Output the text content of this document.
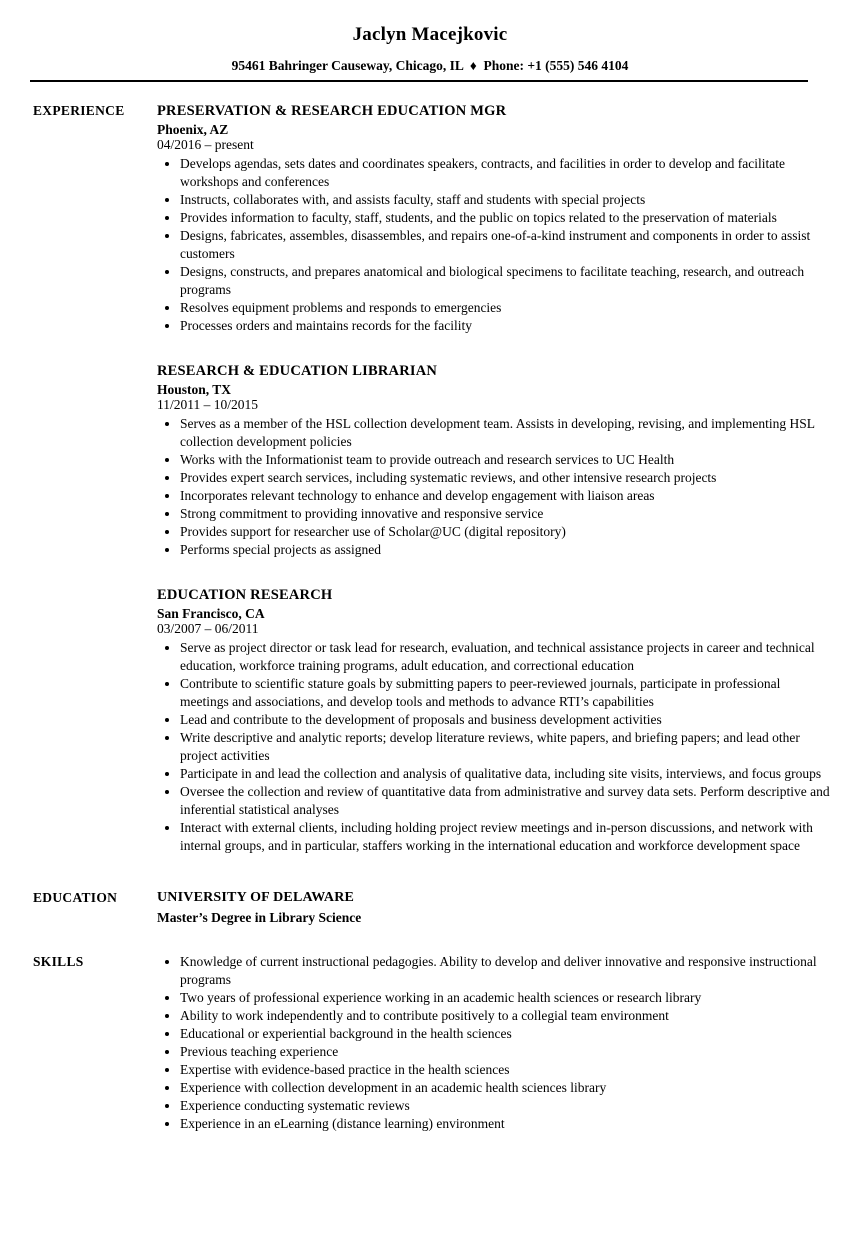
Jaclyn Macejkovic
95461 Bahringer Causeway, Chicago, IL  ♦  Phone: +1 (555) 546 4104
EXPERIENCE	PRESERVATION & RESEARCH EDUCATION MGR
Phoenix, AZ
04/2016 – present
• Develops agendas, sets dates and coordinates speakers, contracts, and facilities in order to develop and facilitate workshops and conferences
• Instructs, collaborates with, and assists faculty, staff and students with special projects
• Provides information to faculty, staff, students, and the public on topics related to the preservation of materials
• Designs, fabricates, assembles, disassembles, and repairs one-of-a-kind instrument and components in order to assist customers
• Designs, constructs, and prepares anatomical and biological specimens to facilitate teaching, research, and outreach programs
• Resolves equipment problems and responds to emergencies
• Processes orders and maintains records for the facility
RESEARCH & EDUCATION LIBRARIAN
Houston, TX
11/2011 – 10/2015
• Serves as a member of the HSL collection development team. Assists in developing, revising, and implementing HSL collection development policies
• Works with the Informationist team to provide outreach and research services to UC Health
• Provides expert search services, including systematic reviews, and other intensive research projects
• Incorporates relevant technology to enhance and develop engagement with liaison areas
• Strong commitment to providing innovative and responsive service
• Provides support for researcher use of Scholar@UC (digital repository)
• Performs special projects as assigned
EDUCATION RESEARCH
San Francisco, CA
03/2007 – 06/2011
• Serve as project director or task lead for research, evaluation, and technical assistance projects in career and technical education, workforce training programs, adult education, and correctional education
• Contribute to scientific stature goals by submitting papers to peer-reviewed journals, participate in professional meetings and associations, and develop tools and methods to advance RTI’s capabilities
• Lead and contribute to the development of proposals and business development activities
• Write descriptive and analytic reports; develop literature reviews, white papers, and briefing papers; and lead other project activities
• Participate in and lead the collection and analysis of qualitative data, including site visits, interviews, and focus groups
• Oversee the collection and review of quantitative data from administrative and survey data sets. Perform descriptive and inferential statistical analyses
• Interact with external clients, including holding project review meetings and in-person discussions, and network with internal groups, and in particular, staffers working in the international education and workforce development space
EDUCATION	UNIVERSITY OF DELAWARE
Master’s Degree in Library Science
SKILLS	• Knowledge of current instructional pedagogies. Ability to develop and deliver innovative and responsive instructional programs
• Two years of professional experience working in an academic health sciences or research library
• Ability to work independently and to contribute positively to a collegial team environment
• Educational or experiential background in the health sciences
• Previous teaching experience
• Expertise with evidence-based practice in the health sciences
• Experience with collection development in an academic health sciences library
• Experience conducting systematic reviews
• Experience in an eLearning (distance learning) environment
